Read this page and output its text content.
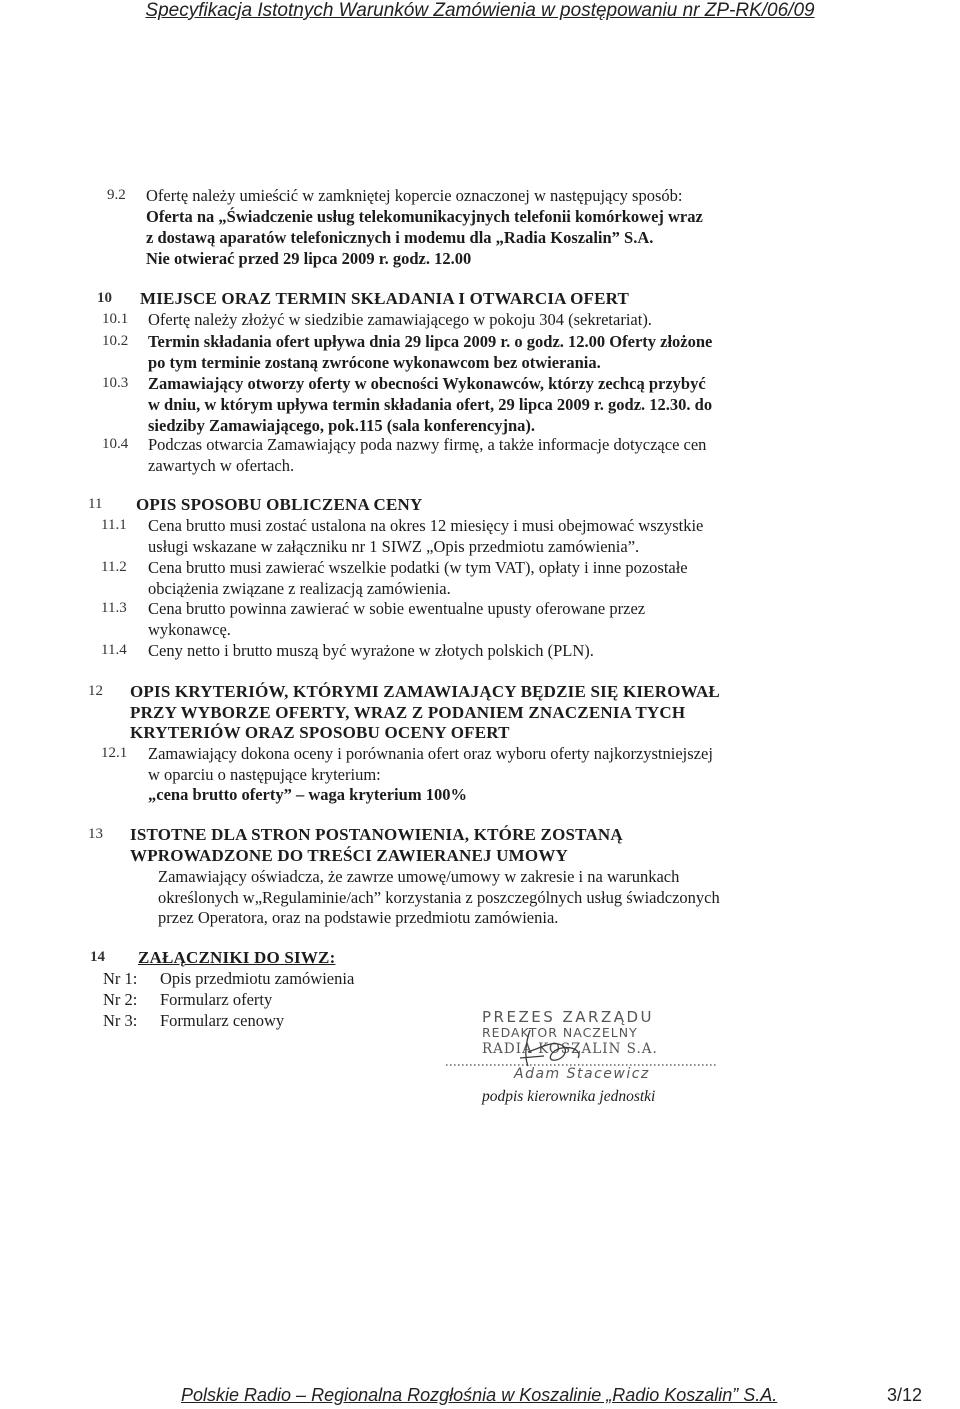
Specyfikacja Istotnych Warunków Zamówienia w postępowaniu nr ZP-RK/06/09
9.2 Ofertę należy umieścić w zamkniętej kopercie oznaczonej w następujący sposób:
Oferta na „Świadczenie usług telekomunikacyjnych telefonii komórkowej wraz
z dostawą aparatów telefonicznych i modemu dla „Radia Koszalin” S.A.
Nie otwierać przed 29 lipca 2009 r. godz. 12.00
10 MIEJSCE ORAZ TERMIN SKŁADANIA I OTWARCIA OFERT
10.1 Ofertę należy złożyć w siedzibie zamawiającego w pokoju 304 (sekretariat).
10.2 Termin składania ofert upływa dnia 29 lipca 2009 r. o godz. 12.00 Oferty złożone
po tym terminie zostaną zwrócone wykonawcom bez otwierania.
10.3 Zamawiający otworzy oferty w obecności Wykonawców, którzy zechcą przybyć
w dniu, w którym upływa termin składania ofert, 29 lipca 2009 r. godz. 12.30. do
siedziby Zamawiającego, pok.115 (sala konferencyjna).
10.4 Podczas otwarcia Zamawiający poda nazwy firmę, a także informacje dotyczące cen
zawartych w ofertach.
11 OPIS SPOSOBU OBLICZENA CENY
11.1 Cena brutto musi zostać ustalona na okres 12 miesięcy i musi obejmować wszystkie
usługi wskazane w załączniku nr 1 SIWZ „Opis przedmiotu zamówienia”.
11.2 Cena brutto musi zawierać wszelkie podatki (w tym VAT), opłaty i inne pozostałe
obciążenia związane z realizacją zamówienia.
11.3 Cena brutto powinna zawierać w sobie ewentualne upusty oferowane przez
wykonawcę.
11.4 Ceny netto i brutto muszą być wyrażone w złotych polskich (PLN).
12 OPIS KRYTERIÓW, KTÓRYMI ZAMAWIAJĄCY BĘDZIE SIĘ KIEROWAŁ
PRZY WYBORZE OFERTY, WRAZ Z PODANIEM ZNACZENIA TYCH
KRYTERIÓW ORAZ SPOSOBU OCENY OFERT
12.1 Zamawiający dokona oceny i porównania ofert oraz wyboru oferty najkorzystniejszej
w oparciu o następujące kryterium:
„cena brutto oferty” – waga kryterium 100%
13 ISTOTNE DLA STRON POSTANOWIENIA, KTÓRE ZOSTANĄ
WPROWADZONE DO TREŚCI ZAWIERANEJ UMOWY
Zamawiający oświadcza, że zawrze umowę/umowy w zakresie i na warunkach
określonych w„Regulaminie/ach” korzystania z poszczególnych usług świadczonych
przez Operatora, oraz na podstawie przedmiotu zamówienia.
14 ZAŁĄCZNIKI DO SIWZ:
Nr 1: Opis przedmiotu zamówienia
Nr 2: Formularz oferty
Nr 3: Formularz cenowy	PREZES ZARZĄDU
REDAKTOR NACZELNY
RADIA KOSZALIN S.A.
Adam Stacewicz
podpis kierownika jednostki
Polskie Radio – Regionalna Rozgłośnia w Koszalinie „Radio Koszalin” S.A.	3/12
